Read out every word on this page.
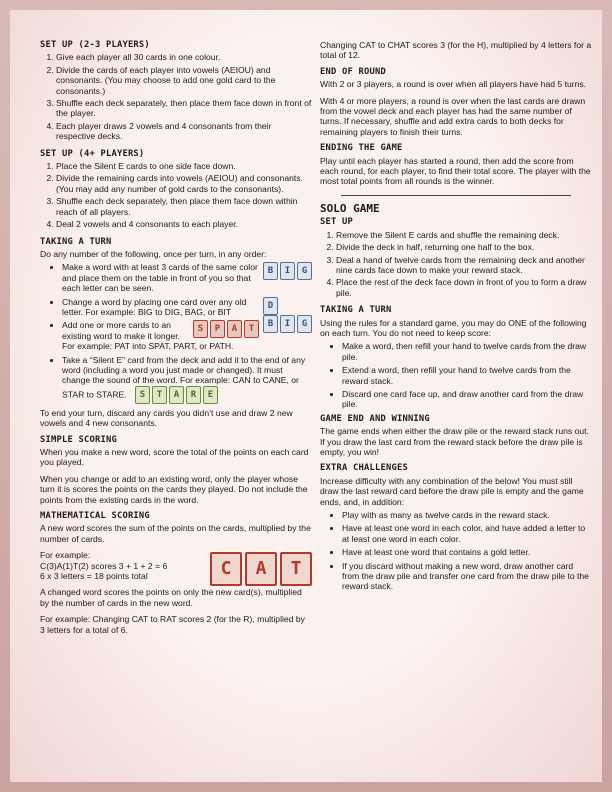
SET UP (2-3 PLAYERS)
1. Give each player all 30 cards in one colour.
2. Divide the cards of each player into vowels (AEIOU) and consonants. (You may choose to add one gold card to the consonants.)
3. Shuffle each deck separately, then place them face down in front of the player.
4. Each player draws 2 vowels and 4 consonants from their respective decks.
SET UP (4+ PLAYERS)
1. Place the Silent E cards to one side face down.
2. Divide the remaining cards into vowels (AEIOU) and consonants. (You may add any number of gold cards to the consonants).
3. Shuffle each deck separately, then place them face down within reach of all players.
4. Deal 2 vowels and 4 consonants to each player.
TAKING A TURN

Do any number of the following, once per turn, in any order:

• B	I	G
Make a word with at least 3 cards of the same color and place them on the table in front of you so that each letter can be seen.
• D
B	I	G
Change a word by placing one card over any old letter. For example: BIG to DIG, BAG, or BIT
• S	P	A	T
Add one or more cards to an existing word to make it longer. For example: PAT into SPAT, PART, or PATH.
• Take a “Silent E” card from the deck and add it to the end of any word (including a word you just made or changed). It must change the sound of the word. For example: CAN to CANE, or STAR to STARE.	S	T	A	R	E

To end your turn, discard any cards you didn’t use and draw 2 new vowels and 4 new consonants.

SIMPLE SCORING

When you make a new word, score the total of the points on each card you played.

When you change or add to an existing word, only the player whose turn it is scores the points on the cards they played. Do not include the points from the existing cards in the word.

MATHEMATICAL SCORING

A new word scores the sum of the points on the cards, multiplied by the number of cards.

C	A	T
For example:
C(3)A(1)T(2) scores 3 + 1 + 2 = 6
6 x 3 letters = 18 points total

A changed word scores the points on only the new card(s), multiplied by the number of cards in the new word.

For example: Changing CAT to RAT scores 2 (for the R), multiplied by 3 letters for a total of 6.

Changing CAT to CHAT scores 3 (for the H), multiplied by 4 letters for a total of 12.

END OF ROUND

With 2 or 3 players, a round is over when all players have had 5 turns.

With 4 or more players, a round is over when the last cards are drawn from the vowel deck and each player has had the same number of turns. If necessary, shuffle and add extra cards to both decks for remaining players to finish their turns.

ENDING THE GAME

Play until each player has started a round, then add the score from each round, for each player, to find their total score. The player with the most total points from all rounds is the winner.

SOLO GAME
SET UP
1. Remove the Silent E cards and shuffle the remaining deck.
2. Divide the deck in half, returning one half to the box.
3. Deal a hand of twelve cards from the remaining deck and another nine cards face down to make your reward stack.
4. Place the rest of the deck face down in front of you to form a draw pile.
TAKING A TURN

Using the rules for a standard game, you may do ONE of the following on each turn. You do not need to keep score:

• Make a word, then refill your hand to twelve cards from the draw pile.
• Extend a word, then refill your hand to twelve cards from the reward stack.
• Discard one card face up, and draw another card from the draw pile.
GAME END AND WINNING

The game ends when either the draw pile or the reward stack runs out. If you draw the last card from the reward stack before the draw pile is empty, you win!

EXTRA CHALLENGES

Increase difficulty with any combination of the below! You must still draw the last reward card before the draw pile is empty and the game ends, and, in addition:

• Play with as many as twelve cards in the reward stack.
• Have at least one word in each color, and have added a letter to at least one word in each color.
• Have at least one word that contains a gold letter.
• If you discard without making a new word, draw another card from the draw pile and transfer one card from the draw pile to the reward stack.
